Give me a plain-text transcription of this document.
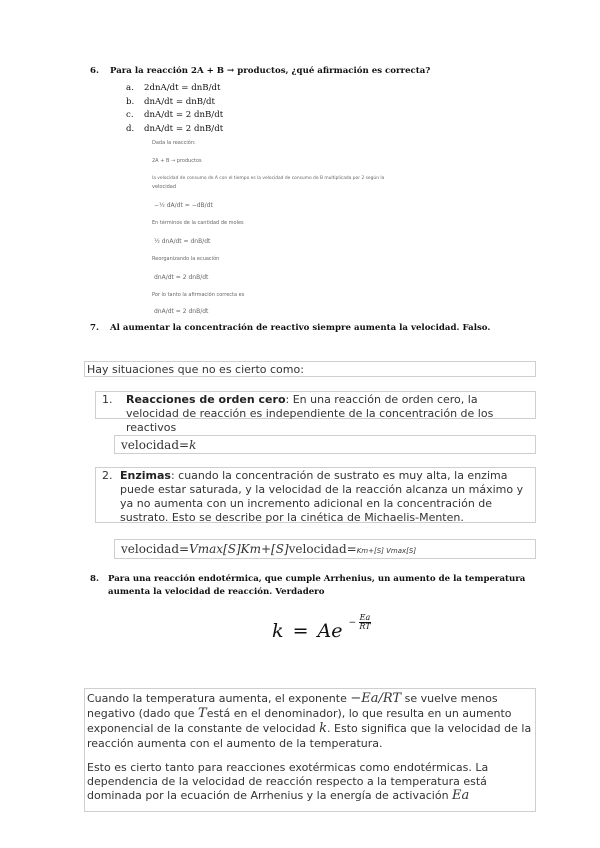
6. Para la reacción 2A + B → productos, ¿qué afirmación es correcta?
a. 2dnA/dt = dnB/dt
b. dnA/dt = dnB/dt
c. dnA/dt = 2 dnB/dt
d. dnA/dt = 2 dnB/dt
Dada la reacción:
2A + B → productos
la velocidad de consumo de A con el tiempo es la velocidad de consumo de B multiplicada por 2 según la
velocidad
−½ dA/dt = −dB/dt
En términos de la cantidad de moles
½ dnA/dt = dnB/dt
Reorganizando la ecuación
dnA/dt = 2 dnB/dt
Por lo tanto la afirmación correcta es
dnA/dt = 2 dnB/dt
7. Al aumentar la concentración de reactivo siempre aumenta la velocidad. Falso.
Hay situaciones que no es cierto como:
1. Reacciones de orden cero: En una reacción de orden cero, la velocidad de reacción es independiente de la concentración de los reactivos
velocidad=k
2. Enzimas: cuando la concentración de sustrato es muy alta, la enzima puede estar saturada, y la velocidad de la reacción alcanza un máximo y ya no aumenta con un incremento adicional en la concentración de sustrato. Esto se describe por la cinética de Michaelis-Menten.
velocidad=Vmax[S]Km+[S]velocidad=Km+[S] Vmax[S]
8. Para una reacción endotérmica, que cumple Arrhenius, un aumento de la temperatura aumenta la velocidad de reacción. Verdadero
$k = Ae - \frac{Ea}{RT}$
Cuando la temperatura aumenta, el exponente −Ea/RT se vuelve menos negativo (dado que Testá en el denominador), lo que resulta en un aumento exponencial de la constante de velocidad k. Esto significa que la velocidad de la reacción aumenta con el aumento de la temperatura.
Esto es cierto tanto para reacciones exotérmicas como endotérmicas. La dependencia de la velocidad de reacción respecto a la temperatura está dominada por la ecuación de Arrhenius y la energía de activación Ea
